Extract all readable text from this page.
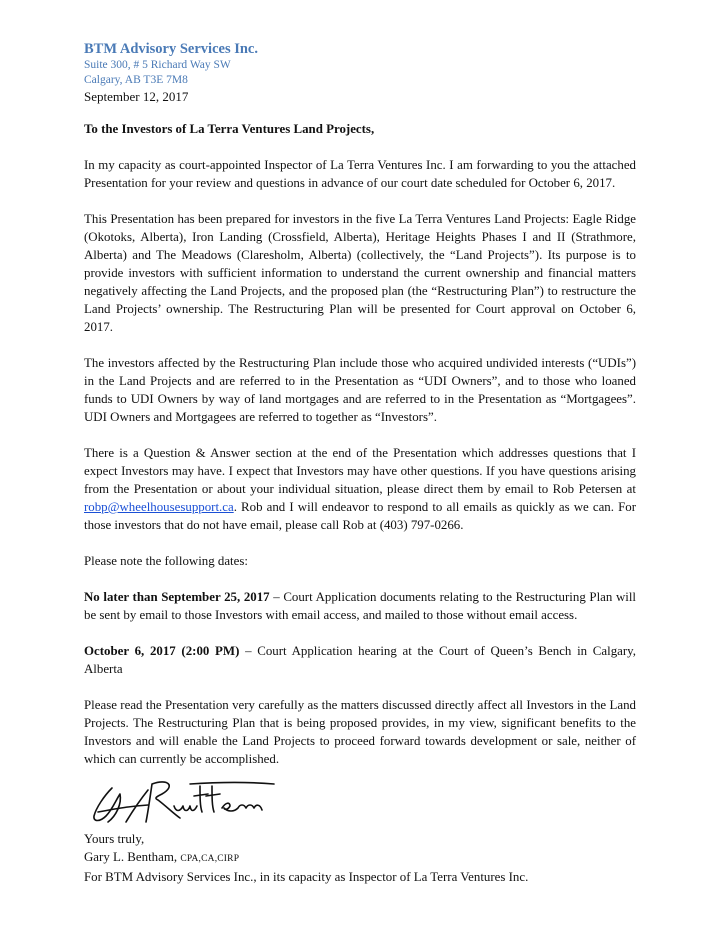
BTM Advisory Services Inc.
Suite 300, # 5 Richard Way SW
Calgary, AB T3E 7M8
September 12, 2017

To the Investors of La Terra Ventures Land Projects,

In my capacity as court-appointed Inspector of La Terra Ventures Inc. I am forwarding to you the attached Presentation for your review and questions in advance of our court date scheduled for October 6, 2017.

This Presentation has been prepared for investors in the five La Terra Ventures Land Projects: Eagle Ridge (Okotoks, Alberta), Iron Landing (Crossfield, Alberta), Heritage Heights Phases I and II (Strathmore, Alberta) and The Meadows (Claresholm, Alberta) (collectively, the “Land Projects”). Its purpose is to provide investors with sufficient information to understand the current ownership and financial matters negatively affecting the Land Projects, and the proposed plan (the “Restructuring Plan”) to restructure the Land Projects’ ownership. The Restructuring Plan will be presented for Court approval on October 6, 2017.

The investors affected by the Restructuring Plan include those who acquired undivided interests (“UDIs”) in the Land Projects and are referred to in the Presentation as “UDI Owners”, and to those who loaned funds to UDI Owners by way of land mortgages and are referred to in the Presentation as “Mortgagees”. UDI Owners and Mortgagees are referred to together as “Investors”.

There is a Question & Answer section at the end of the Presentation which addresses questions that I expect Investors may have. I expect that Investors may have other questions. If you have questions arising from the Presentation or about your individual situation, please direct them by email to Rob Petersen at robp@wheelhousesupport.ca. Rob and I will endeavor to respond to all emails as quickly as we can. For those investors that do not have email, please call Rob at (403) 797-0266.

Please note the following dates:

No later than September 25, 2017 – Court Application documents relating to the Restructuring Plan will be sent by email to those Investors with email access, and mailed to those without email access.

October 6, 2017 (2:00 PM) – Court Application hearing at the Court of Queen’s Bench in Calgary, Alberta

Please read the Presentation very carefully as the matters discussed directly affect all Investors in the Land Projects. The Restructuring Plan that is being proposed provides, in my view, significant benefits to the Investors and will enable the Land Projects to proceed forward towards development or sale, neither of which can currently be accomplished.

Yours truly,
Gary L. Bentham, CPA,CA,CIRP
For BTM Advisory Services Inc., in its capacity as Inspector of La Terra Ventures Inc.
